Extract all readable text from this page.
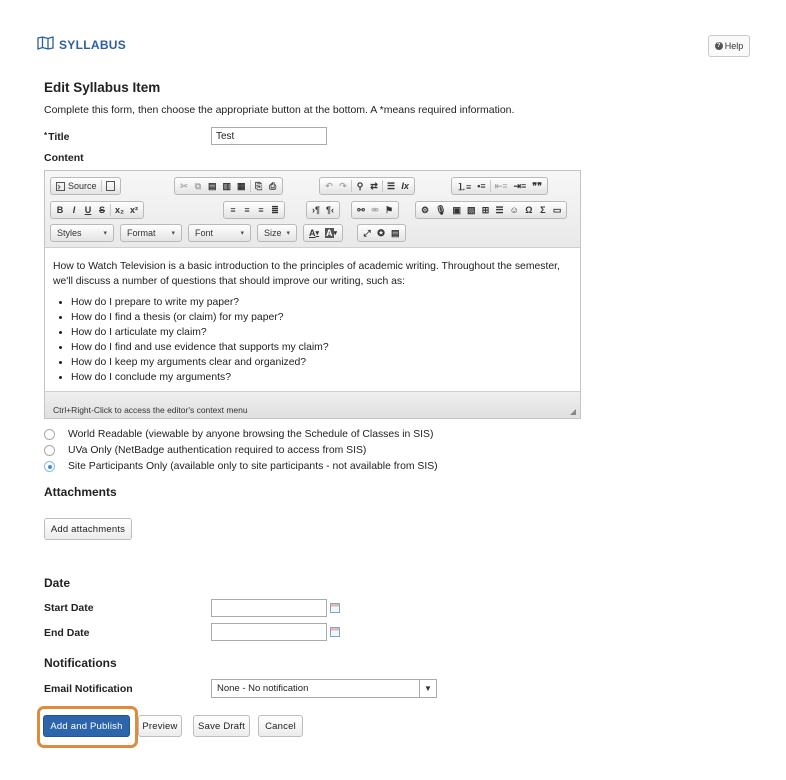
SYLLABUS	? Help
Edit Syllabus Item
Complete this form, then choose the appropriate button at the bottom. A *means required information.
*Title
Test
Content
Source	✂ ⧉ ▤ ▥ ▦ ⎘ ⎙	↶ ↷ ⚲ ⇄ ☰ Ix	⒈≡ •≡ ⇤≡ ⇥≡ ❞❞
B	I	U S	x₂ x²	≡ ≡ ≡ ≣	›¶ ¶‹	⚯ ⚮ ⚑	⚙ 🎙︎ ▣ ▧ ⊞ ☰ ☺ Ω Σ ▭
Styles	▾ Format ▾ Font	▾ Size ▾ A ▾ A ▾	⤢ ✪ ▤

How to Watch Television is a basic introduction to the principles of academic writing. Throughout the semester, we'll discuss a number of questions that should improve our writing, such as:

• How do I prepare to write my paper?
• How do I find a thesis (or claim) for my paper?
• How do I articulate my claim?
• How do I find and use evidence that supports my claim?
• How do I keep my arguments clear and organized?
• How do I conclude my arguments?
Ctrl+Right-Click to access the editor's context menu
World Readable (viewable by anyone browsing the Schedule of Classes in SIS)
UVa Only (NetBadge authentication required to access from SIS)
Site Participants Only (available only to site participants - not available from SIS)
Attachments
Add attachments
Date
Start Date
End Date
Notifications
Email Notification	None - No notification	▼
Add and Publish	Preview	Save Draft	Cancel
